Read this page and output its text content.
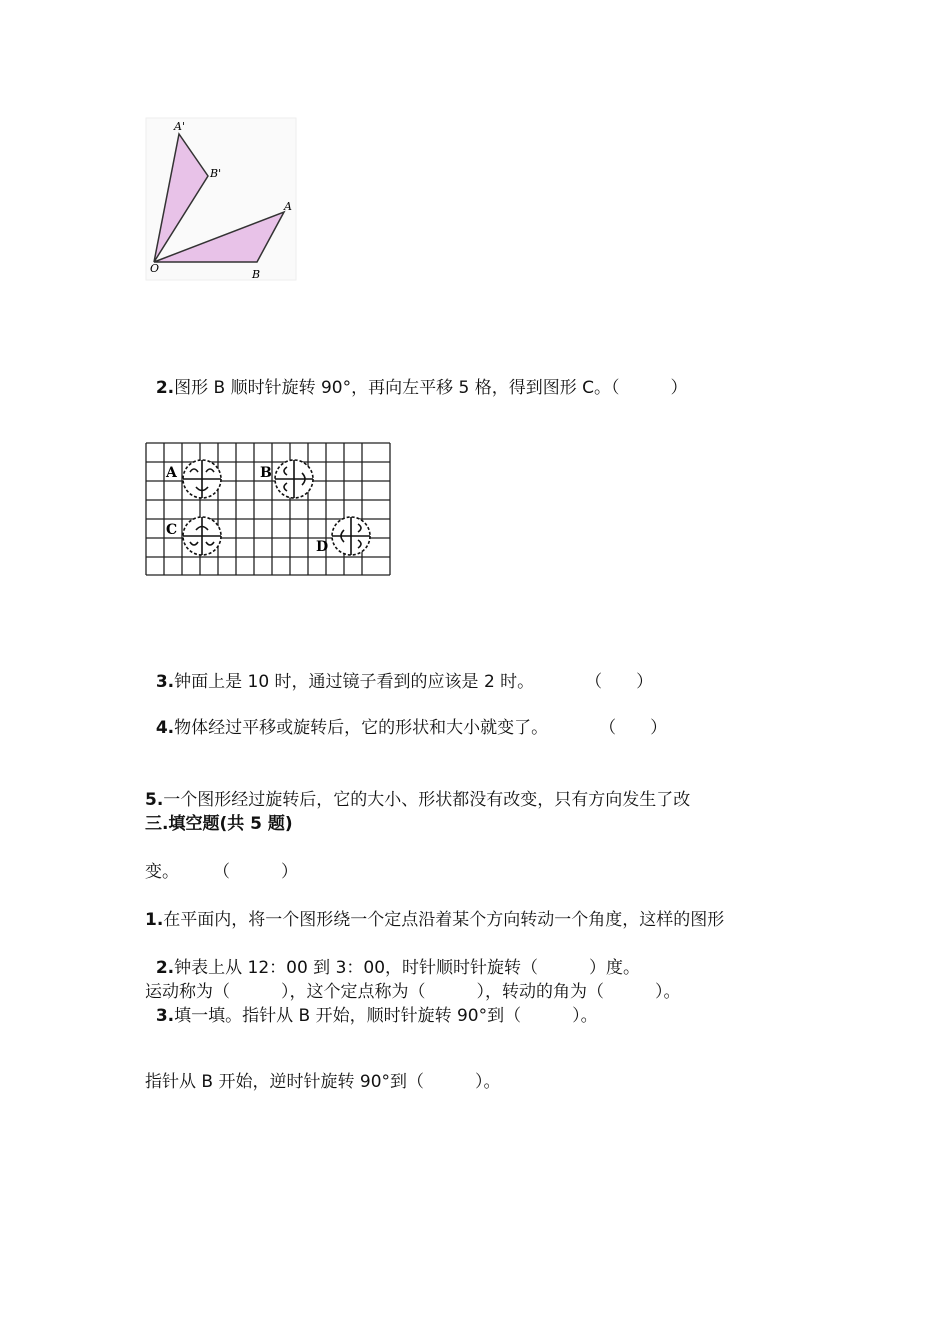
A'
B'
A
B
O

2.图形 B 顺时针旋转 90°，再向左平移 5 格，得到图形 C。（　　　）

A	B
C
D

3.钟面上是 10 时，通过镜子看到的应该是 2 时。　　　　（　　）

4.物体经过平移或旋转后，它的形状和大小就变了。　　　　（　　）

5.一个图形经过旋转后，它的大小、形状都没有改变，只有方向发生了改

变。　　　（　　　）

三.填空题(共 5 题)

1.在平面内，将一个图形绕一个定点沿着某个方向转动一个角度，这样的图形

运动称为（　　　），这个定点称为（　　　），转动的角为（　　　）。

2.钟表上从 12：00 到 3：00，时针顺时针旋转（　　　）度。

3.填一填。指针从 B 开始，顺时针旋转 90°到（　　　）。

指针从 B 开始，逆时针旋转 90°到（　　　）。
